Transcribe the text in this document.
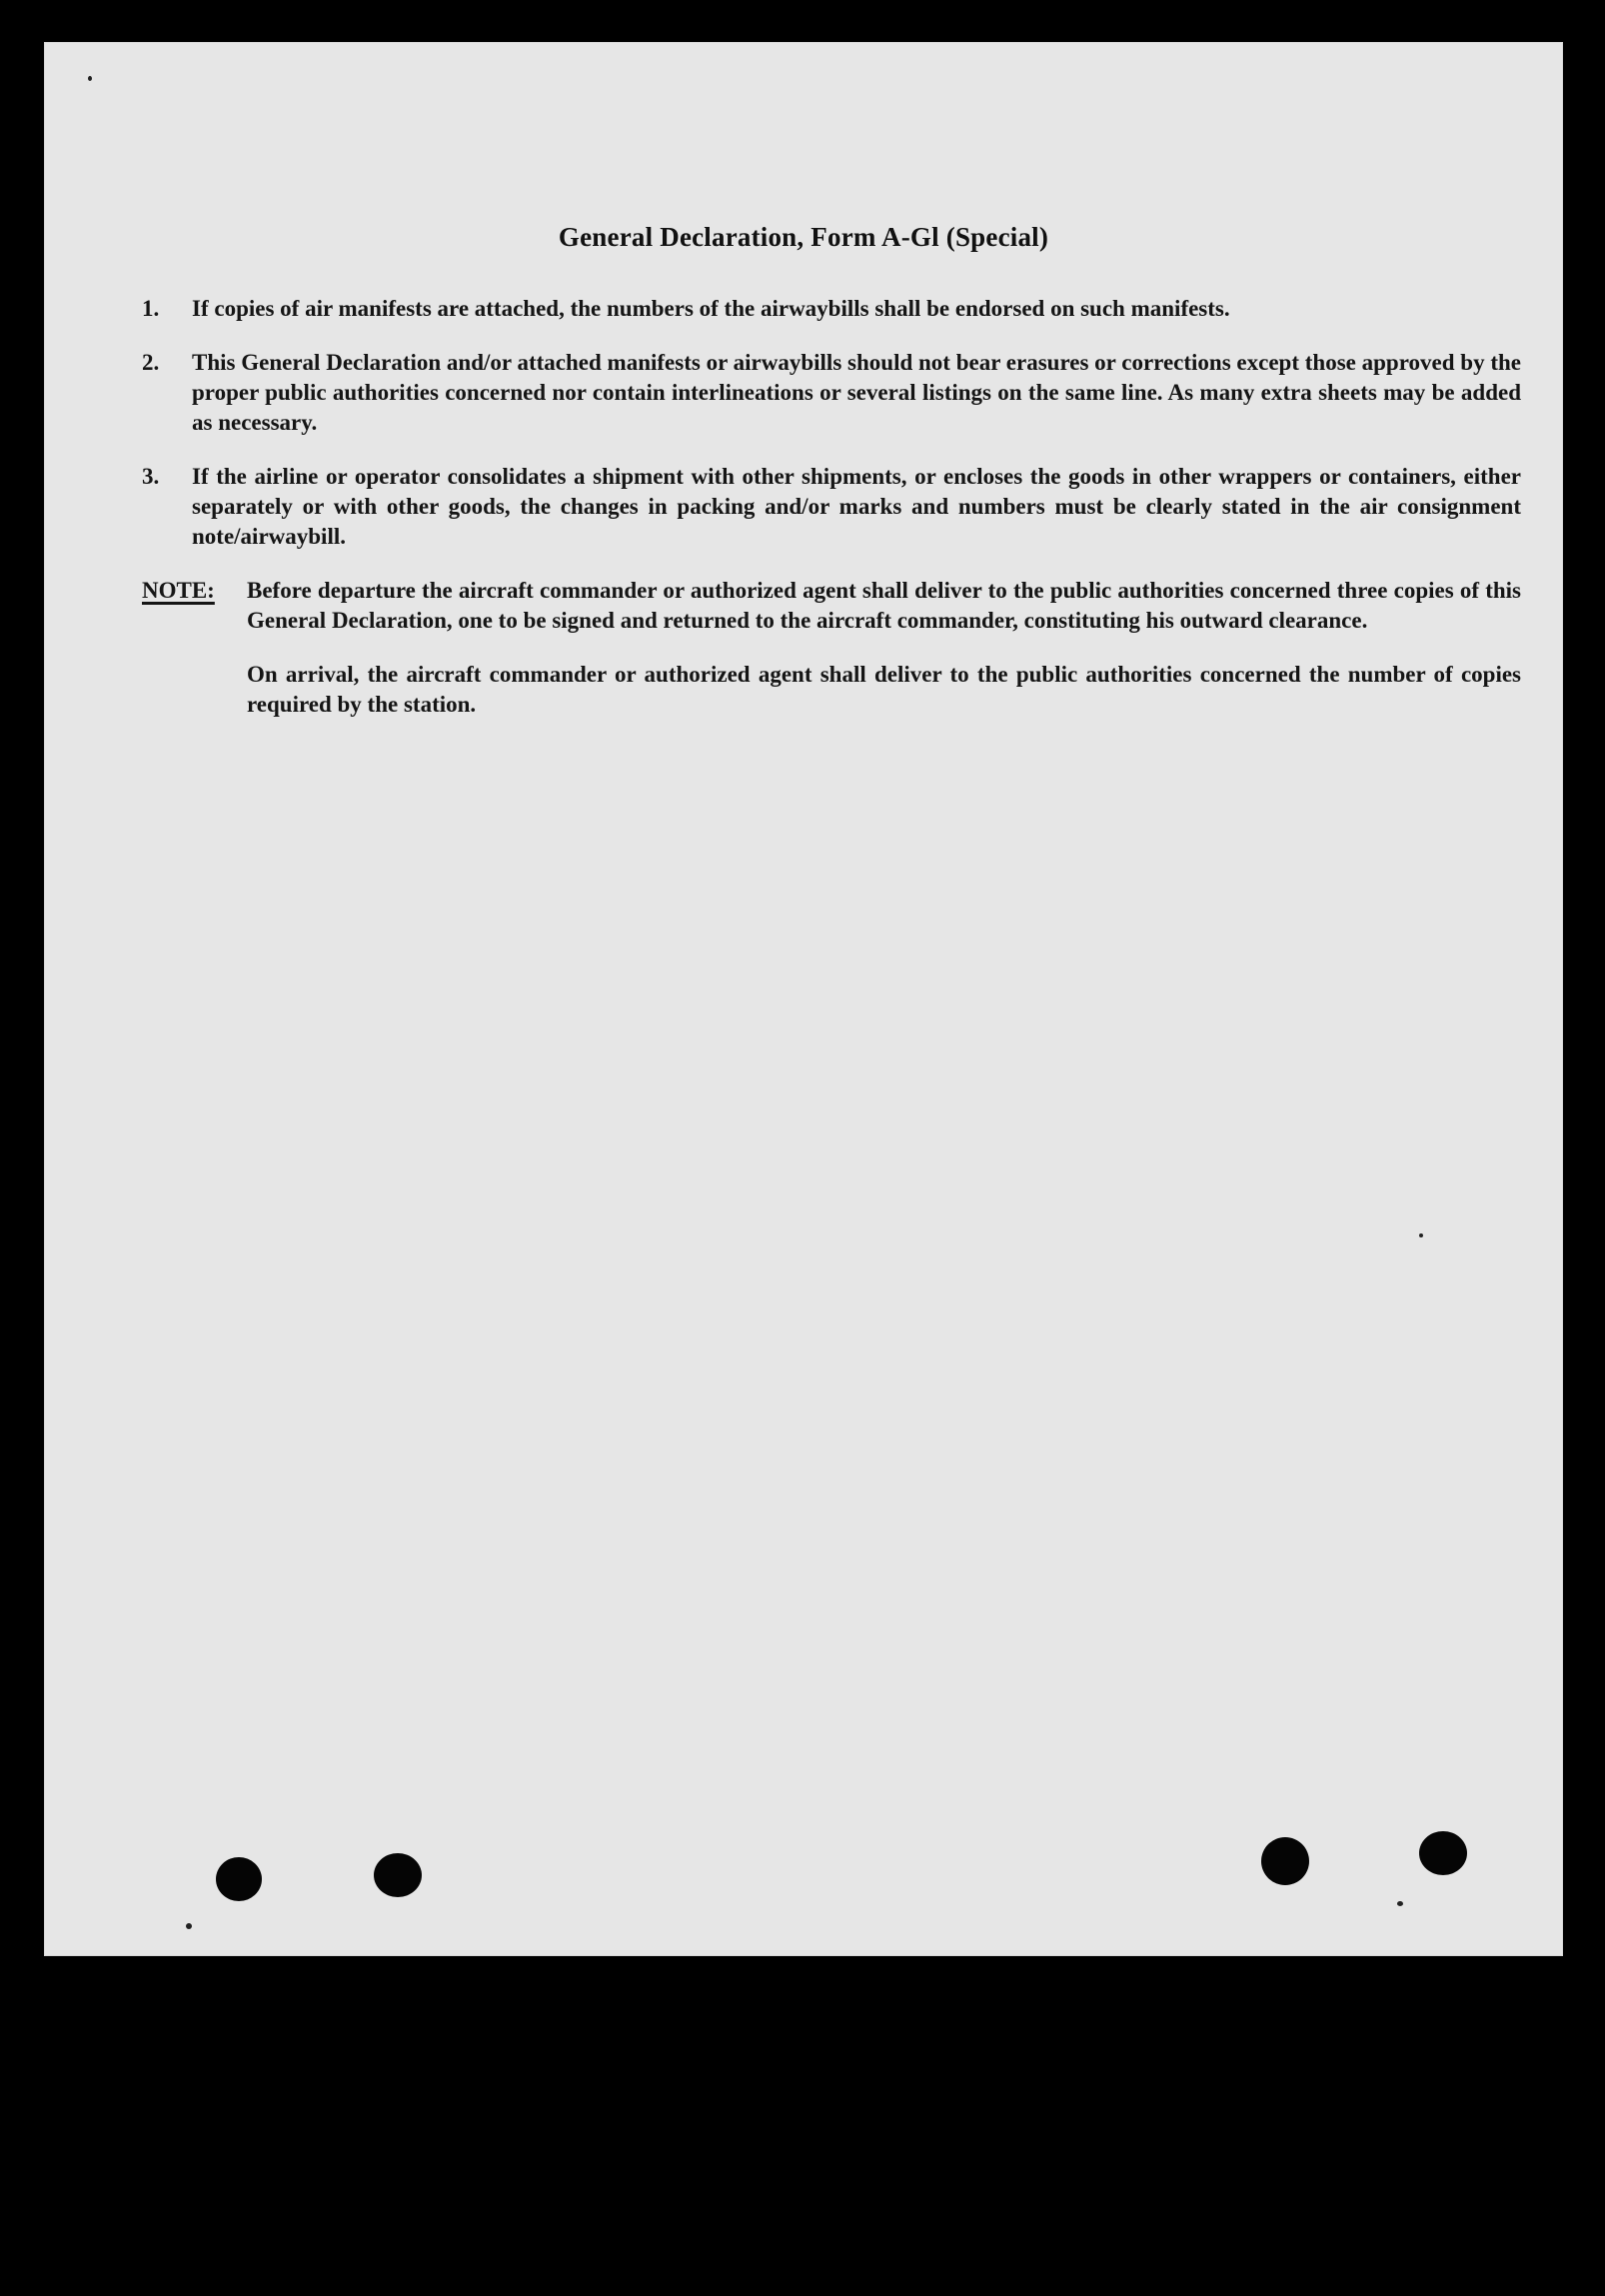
General Declaration, Form A-Gl (Special)
1.	If copies of air manifests are attached, the numbers of the airwaybills shall be endorsed on such manifests.
2.	This General Declaration and/or attached manifests or airwaybills should not bear erasures or corrections except those approved by the proper public authorities concerned nor contain interlineations or several listings on the same line. As many extra sheets may be added as necessary.
3.	If the airline or operator consolidates a shipment with other shipments, or encloses the goods in other wrappers or containers, either separately or with other goods, the changes in packing and/or marks and numbers must be clearly stated in the air consignment note/airwaybill.
NOTE:	Before departure the aircraft commander or authorized agent shall deliver to the public authorities concerned three copies of this General Declaration, one to be signed and returned to the aircraft commander, constituting his outward clearance.

On arrival, the aircraft commander or authorized agent shall deliver to the public authorities concerned the number of copies required by the station.
